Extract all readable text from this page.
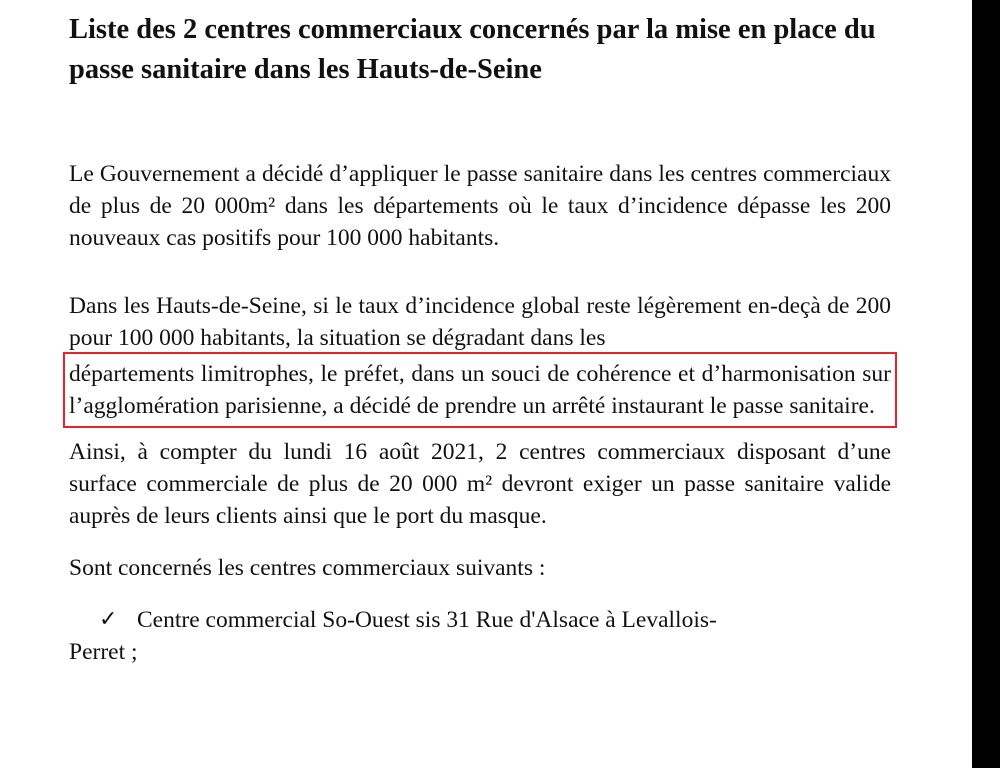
Liste des 2 centres commerciaux concernés par la mise en place du passe sanitaire dans les Hauts-de-Seine

Le Gouvernement a décidé d’appliquer le passe sanitaire dans les centres commerciaux de plus de 20 000m² dans les départements où le taux d’incidence dépasse les 200 nouveaux cas positifs pour 100 000 habitants.

Dans les Hauts-de-Seine, si le taux d’incidence global reste légèrement en-deçà de 200 pour 100 000 habitants, la situation se dégradant dans les

départements limitrophes, le préfet, dans un souci de cohérence et d’harmonisation sur l’agglomération parisienne, a décidé de prendre un arrêté instaurant le passe sanitaire.

Ainsi, à compter du lundi 16 août 2021, 2 centres commerciaux disposant d’une surface commerciale de plus de 20 000 m² devront exiger un passe sanitaire valide auprès de leurs clients ainsi que le port du masque.

Sont concernés les centres commerciaux suivants :

✓ Centre commercial So-Ouest sis 31 Rue d'Alsace à Levallois-
Perret ;
